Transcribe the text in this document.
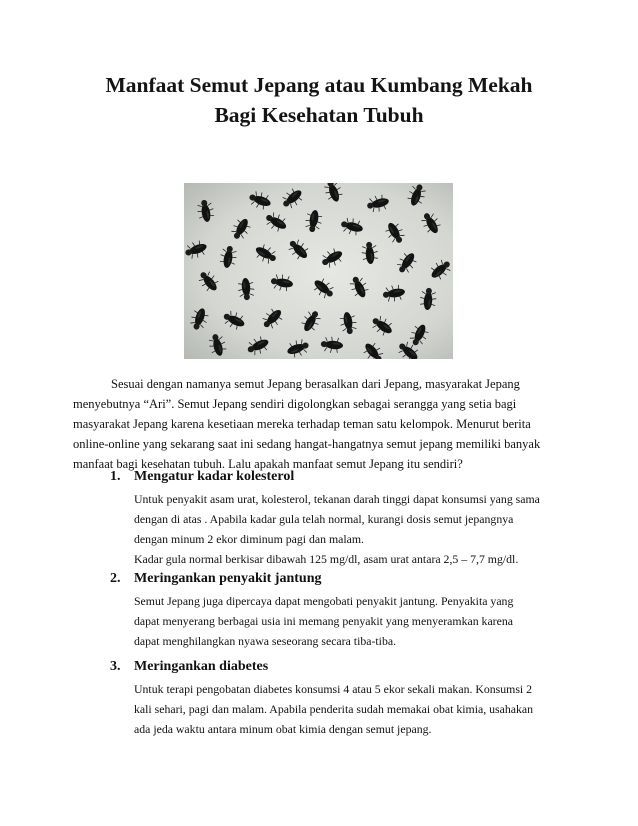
Manfaat Semut Jepang atau Kumbang Mekah
Bagi Kesehatan Tubuh

Sesuai dengan namanya semut Jepang berasalkan dari Jepang, masyarakat Jepang
menyebutnya “Ari”. Semut Jepang sendiri digolongkan sebagai serangga yang setia bagi
masyarakat Jepang karena kesetiaan mereka terhadap teman satu kelompok. Menurut berita
online-online yang sekarang saat ini sedang hangat-hangatnya semut jepang memiliki banyak
manfaat bagi kesehatan tubuh. Lalu apakah manfaat semut Jepang itu sendiri?

1. Mengatur kadar kolesterol

Untuk penyakit asam urat, kolesterol, tekanan darah tinggi dapat konsumsi yang sama
dengan di atas . Apabila kadar gula telah normal, kurangi dosis semut jepangnya
dengan minum 2 ekor diminum pagi dan malam.
Kadar gula normal berkisar dibawah 125 mg/dl, asam urat antara 2,5 – 7,7 mg/dl.

2. Meringankan penyakit jantung

Semut Jepang juga dipercaya dapat mengobati penyakit jantung. Penyakita yang
dapat menyerang berbagai usia ini memang penyakit yang menyeramkan karena
dapat menghilangkan nyawa seseorang secara tiba-tiba.

3. Meringankan diabetes

Untuk terapi pengobatan diabetes konsumsi 4 atau 5 ekor sekali makan. Konsumsi 2
kali sehari, pagi dan malam. Apabila penderita sudah memakai obat kimia, usahakan
ada jeda waktu antara minum obat kimia dengan semut jepang.
